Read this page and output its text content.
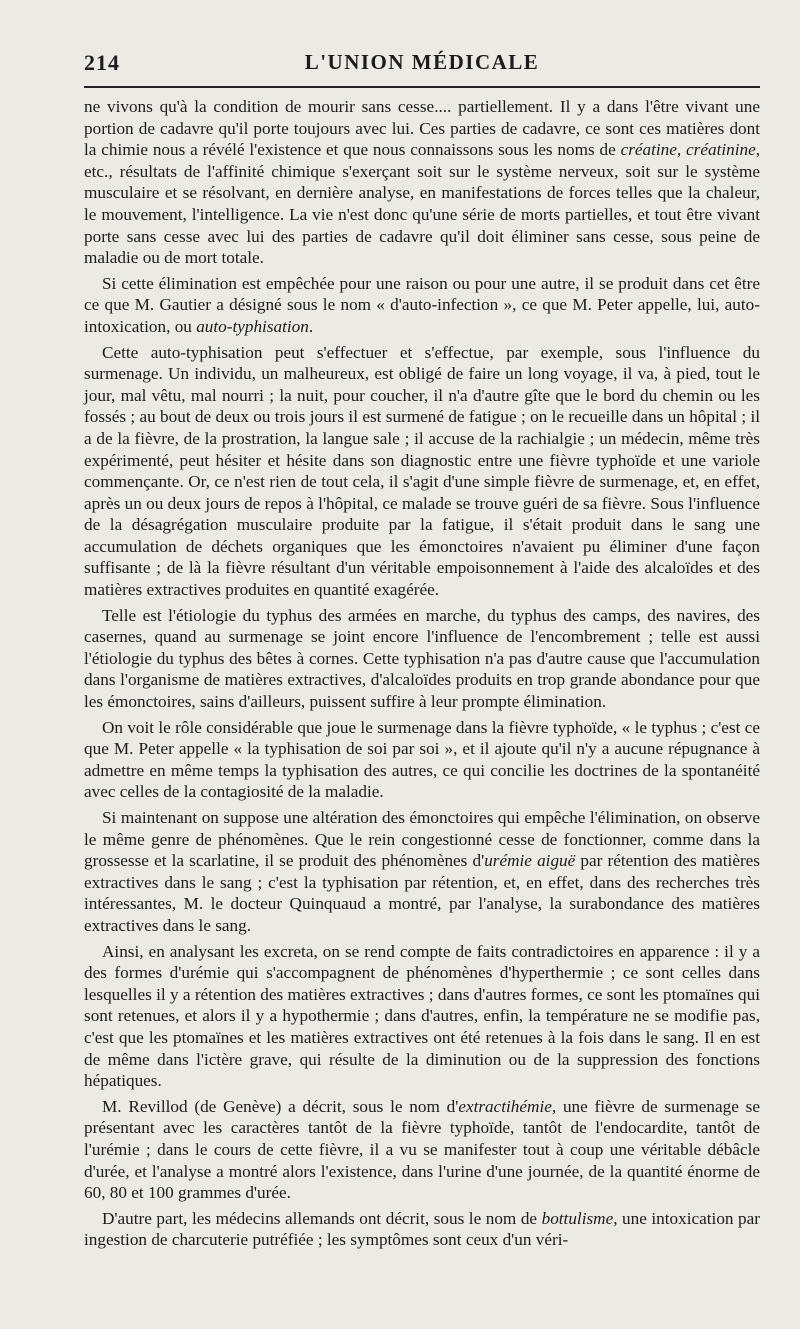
214	L'UNION MÉDICALE

ne vivons qu'à la condition de mourir sans cesse.... partiellement. Il y a dans l'être vivant une portion de cadavre qu'il porte toujours avec lui. Ces parties de cadavre, ce sont ces matières dont la chimie nous a révélé l'existence et que nous connaissons sous les noms de créatine, créatinine, etc., résultats de l'affinité chimique s'exerçant soit sur le système nerveux, soit sur le système musculaire et se résolvant, en dernière analyse, en manifestations de forces telles que la chaleur, le mouvement, l'intelligence. La vie n'est donc qu'une série de morts partielles, et tout être vivant porte sans cesse avec lui des parties de cadavre qu'il doit éliminer sans cesse, sous peine de maladie ou de mort totale.

Si cette élimination est empêchée pour une raison ou pour une autre, il se produit dans cet être ce que M. Gautier a désigné sous le nom « d'auto-infection », ce que M. Peter appelle, lui, auto-intoxication, ou auto-typhisation.

Cette auto-typhisation peut s'effectuer et s'effectue, par exemple, sous l'influence du surmenage. Un individu, un malheureux, est obligé de faire un long voyage, il va, à pied, tout le jour, mal vêtu, mal nourri ; la nuit, pour coucher, il n'a d'autre gîte que le bord du chemin ou les fossés ; au bout de deux ou trois jours il est surmené de fatigue ; on le recueille dans un hôpital ; il a de la fièvre, de la prostration, la langue sale ; il accuse de la rachialgie ; un médecin, même très expérimenté, peut hésiter et hésite dans son diagnostic entre une fièvre typhoïde et une variole commençante. Or, ce n'est rien de tout cela, il s'agit d'une simple fièvre de surmenage, et, en effet, après un ou deux jours de repos à l'hôpital, ce malade se trouve guéri de sa fièvre. Sous l'influence de la désagrégation musculaire produite par la fatigue, il s'était produit dans le sang une accumulation de déchets organiques que les émonctoires n'avaient pu éliminer d'une façon suffisante ; de là la fièvre résultant d'un véritable empoisonnement à l'aide des alcaloïdes et des matières extractives produites en quantité exagérée.

Telle est l'étiologie du typhus des armées en marche, du typhus des camps, des navires, des casernes, quand au surmenage se joint encore l'influence de l'encombrement ; telle est aussi l'étiologie du typhus des bêtes à cornes. Cette typhisation n'a pas d'autre cause que l'accumulation dans l'organisme de matières extractives, d'alcaloïdes produits en trop grande abondance pour que les émonctoires, sains d'ailleurs, puissent suffire à leur prompte élimination.

On voit le rôle considérable que joue le surmenage dans la fièvre typhoïde, « le typhus ; c'est ce que M. Peter appelle « la typhisation de soi par soi », et il ajoute qu'il n'y a aucune répugnance à admettre en même temps la typhisation des autres, ce qui concilie les doctrines de la spontanéité avec celles de la contagiosité de la maladie.

Si maintenant on suppose une altération des émonctoires qui empêche l'élimination, on observe le même genre de phénomènes. Que le rein congestionné cesse de fonctionner, comme dans la grossesse et la scarlatine, il se produit des phénomènes d'urémie aiguë par rétention des matières extractives dans le sang ; c'est la typhisation par rétention, et, en effet, dans des recherches très intéressantes, M. le docteur Quinquaud a montré, par l'analyse, la surabondance des matières extractives dans le sang.

Ainsi, en analysant les excreta, on se rend compte de faits contradictoires en apparence : il y a des formes d'urémie qui s'accompagnent de phénomènes d'hyperthermie ; ce sont celles dans lesquelles il y a rétention des matières extractives ; dans d'autres formes, ce sont les ptomaïnes qui sont retenues, et alors il y a hypothermie ; dans d'autres, enfin, la température ne se modifie pas, c'est que les ptomaïnes et les matières extractives ont été retenues à la fois dans le sang. Il en est de même dans l'ictère grave, qui résulte de la diminution ou de la suppression des fonctions hépatiques.

M. Revillod (de Genève) a décrit, sous le nom d'extractihémie, une fièvre de surmenage se présentant avec les caractères tantôt de la fièvre typhoïde, tantôt de l'endocardite, tantôt de l'urémie ; dans le cours de cette fièvre, il a vu se manifester tout à coup une véritable débâcle d'urée, et l'analyse a montré alors l'existence, dans l'urine d'une journée, de la quantité énorme de 60, 80 et 100 grammes d'urée.

D'autre part, les médecins allemands ont décrit, sous le nom de bottulisme, une intoxication par ingestion de charcuterie putréfiée ; les symptômes sont ceux d'un véri-
